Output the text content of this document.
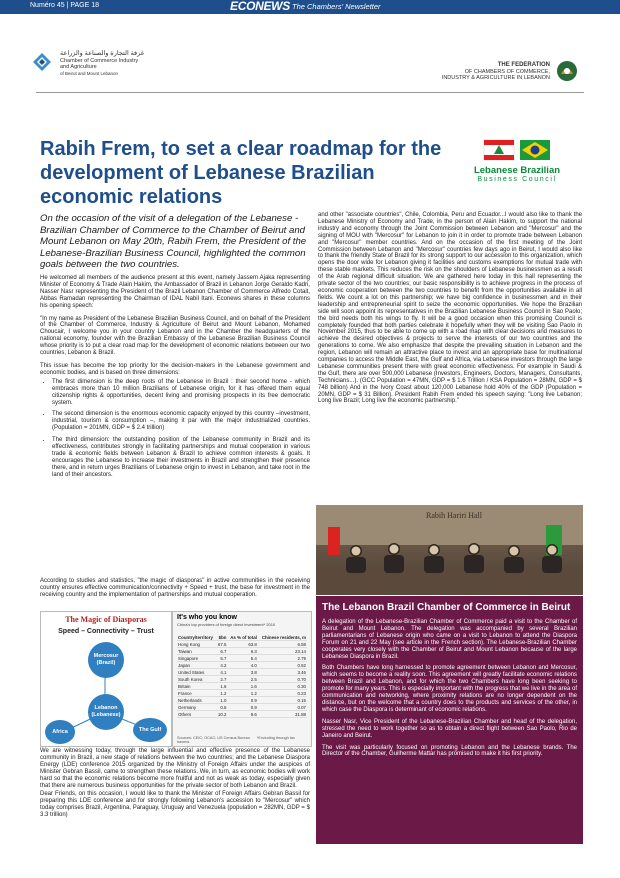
Numéro 45 | PAGE 18	ECONEWS The Chambers' Newsletter
غرفة التجارة والصناعة والزراعة
Chamber of Commerce Industry
and Agriculture
of Beirut and Mount Lebanon
THE FEDERATION
OF CHAMBERS OF COMMERCE,
INDUSTRY & AGRICULTURE IN LEBANON
Rabih Frem, to set a clear roadmap for the development of Lebanese Brazilian economic relations
Lebanese Brazilian
Business Council
On the occasion of the visit of a delegation of the Lebanese - Brazilian Chamber of Commerce to the Chamber of Beirut and Mount Lebanon on May 20th, Rabih Frem, the President of the Lebanese-Brazilian Business Council, highlighted the common goals between the two countries.

He welcomed all members of the audience present at this event, namely Jassem Ajaka representing Minister of Economy & Trade Alain Hakim, the Ambassador of Brazil in Lebanon Jorge Geraldo Kadri, Nasser Nasr representing the President of the Brazil Lebanon Chamber of Commerce Alfredo Cotait, Abbas Ramadan representing the Chairman of IDAL Nabil Itani. Econews shares in these columns his opening speech:

"In my name as President of the Lebanese Brazilian Business Council, and on behalf of the President of the Chamber of Commerce, Industry & Agriculture of Beirut and Mount Lebanon, Mohamed Choucair, I welcome you in your country Lebanon and in the Chamber the headquarters of the national economy, founder with the Brazilian Embassy of the Lebanese Brazilian Business Council whose priority is to put a clear road map for the development of economic relations between our two countries, Lebanon & Brazil.

This issue has become the top priority for the decision-makers in the Lebanese government and economic bodies, and is based on three dimensions:

• The first dimension is the deep roots of the Lebanese in Brazil : their second home - which embraces more than 10 million Brazilians of Lebanese origin, for it has offered them equal citizenship rights & opportunities, decent living and promising prospects in its free democratic system.
• The second dimension is the enormous economic capacity enjoyed by this country –investment, industrial, tourism & consumption –, making it par with the major industrialized countries. (Population = 201MN, GDP = $ 2.4 trillion)
• The third dimension: the outstanding position of the Lebanese community in Brazil and its effectiveness, contributes strongly in facilitating partnerships and mutual cooperation in various trade & economic fields between Lebanon & Brazil to achieve common interests & goals. It encourages the Lebanese to increase their investments in Brazil and strengthen their presence there, and in return urges Brazilians of Lebanese origin to invest in Lebanon, and take root in the land of their ancestors.
According to studies and statistics, "the magic of diasporas" in active communities in the receiving country ensures effective communication/connectivity + Speed + trust, the base for investment in the receiving country and the implementation of partnerships and mutual cooperation.
The Magic of Diasporas
Speed – Connectivity – Trust
Mercosur (Brazil)
Lebanon (Lebanese)
Africa	The Gulf
It's who you know
China's top providers of foreign direct investment* 2010
Country/territory	$bn	As % of total	Chinese residents, m
Hong Kong	67.5	63.8	6.58
Taiwan	6.7	6.3	23.14
Singapore	5.7	5.4	2.79
Japan	4.2	4.0	0.52
United States	4.1	3.8	3.46
South Korea	2.7	2.5	0.70
Britain	1.6	1.6	0.30
France	1.2	1.2	0.23
Netherlands	1.0	0.9	0.15
Germany	0.6	0.9	0.07
Others	10.2	9.6	31.88
Sources: CEIC; OCAC; US Census Bureau *Excluding through tax havens

We are witnessing today, through the large influential and effective presence of the Lebanese community in Brazil, a new stage of relations between the two countries; and the Lebanese Diaspora Energy (LDE) conference 2015 organized by the Ministry of Foreign Affairs under the auspices of Minister Gebran Bassil, came to strengthen these relations. We, in turn, as economic bodies will work hard so that the economic relations become more fruitful and not as weak as today, especially given that there are numerous business opportunities for the private sector of both Lebanon and Brazil.

Dear Friends, on this occasion, I would like to thank the Minister of Foreign Affairs Gebran Bassil for preparing this LDE conference and for strongly following Lebanon's accession to "Mercosur" which today comprises Brazil, Argentina, Paraguay, Uruguay and Venezuela (population = 282MN, GDP = $ 3.3 trillion)

and other "associate countries", Chile, Colombia, Peru and Ecuador...I would also like to thank the Lebanese Ministry of Economy and Trade, in the person of Alain Hakim, to support the national industry and economy through the Joint Commission between Lebanon and "Mercosur" and the signing of MOU with "Mercosur" for Lebanon to join it in order to promote trade between Lebanon and "Mercosur" member countries. And on the occasion of the first meeting of the Joint Commission between Lebanon and "Mercosur" countries few days ago in Beirut, I would also like to thank the friendly State of Brazil for its strong support to our accession to this organization, which opens the door wide for Lebanon giving it facilities and customs exemptions for mutual trade with these stable markets. This reduces the risk on the shoulders of Lebanese businessmen as a result of the Arab regional difficult situation. We are gathered here today in this hall representing the private sector of the two countries; our basic responsibility is to achieve progress in the process of economic cooperation between the two countries to benefit from the opportunities available in all fields. We count a lot on this partnership; we have big confidence in businessmen and in their leadership and entrepreneurial spirit to seize the economic opportunities. We hope the Brazilian side will soon appoint its representatives in the Brazilian Lebanese Business Council in Sao Paolo; the bird needs both his wings to fly. It will be a good occasion when this promising Council is completely founded that both parties celebrate it hopefully when they will be visiting Sao Paolo in November 2015, thus to be able to come up with a road map with clear decisions and measures to achieve the desired objectives & projects to serve the interests of our two countries and the generations to come. We also emphasize that despite the prevailing situation in Lebanon and the region, Lebanon will remain an attractive place to invest and an appropriate base for multinational companies to access the Middle East, the Gulf and Africa, via Lebanese investors through the large Lebanese communities present there with great economic effectiveness. For example in Saudi & the Gulf, there are over 500,000 Lebanese (Investors, Engineers, Doctors, Managers, Consultants, Technicians...). (GCC Population = 47MN, GDP = $ 1.6 Trillion / KSA Population = 28MN, GDP = $ 748 billion) And in the Ivory Coast about 120,000 Lebanese hold 40% of the GDP (Population = 20MN, GDP = $ 31 Billion). President Rabih Frem ended his speech saying: "Long live Lebanon; Long live Brazil; Long live the economic partnership."

Rabih Hariri Hall
The Lebanon Brazil Chamber of Commerce in Beirut

A delegation of the Lebanese-Brazilian Chamber of Commerce paid a visit to the Chamber of Beirut and Mount Lebanon. The delegation was accompanied by several Brazilian parliamentarians of Lebanese origin who came on a visit to Lebanon to attend the Diaspora Forum on 21 and 22 May (see article in the French section). The Lebanese-Brazilian Chamber cooperates very closely with the Chamber of Beirut and Mount Lebanon because of the large Lebanese Diaspora in Brazil.

Both Chambers have long harnessed to promote agreement between Lebanon and Mercosur, which seems to become a reality soon. This agreement will greatly facilitate economic relations between Brazil and Lebanon, and for which the two Chambers have long been seeking to promote for many years. This is especially important with the progress that we live in the area of communication and networking, where proximity relations are no longer dependent on the distance, but on the welcome that a country does to the products and services of the other, in which case the Diaspora is determinant of economic relations.

Nasser Nasr, Vice President of the Lebanese-Brazilian Chamber and head of the delegation, stressed the need to work together so as to obtain a direct flight between Sao Paolo, Rio de Janeiro and Beirut.

The visit was particularly focused on promoting Lebanon and the Lebanese brands. The Director of the Chamber, Guilherme Mattar has promised to make it his first priority.
